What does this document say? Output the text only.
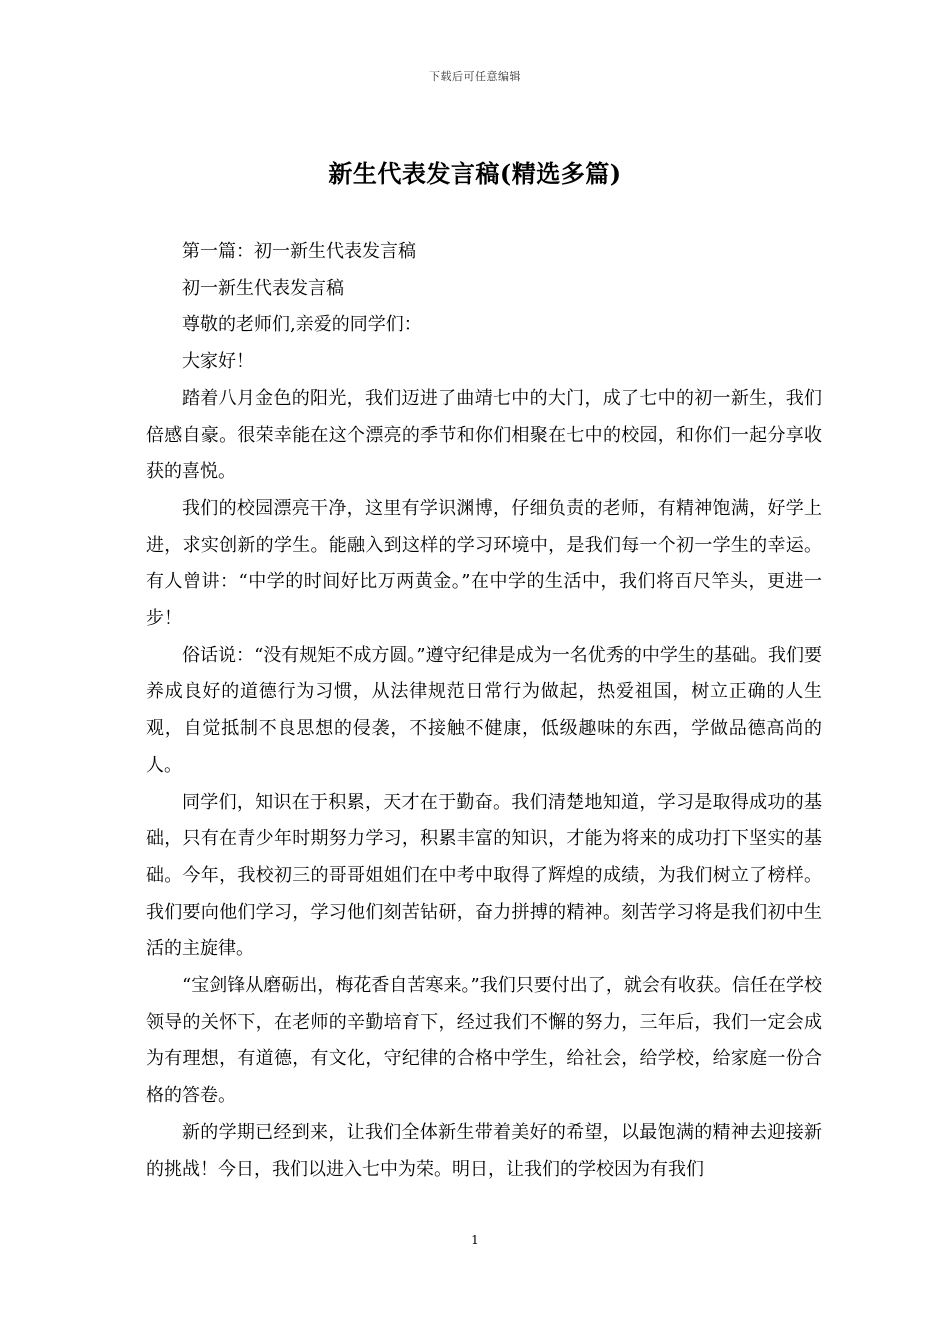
下载后可任意编辑
新生代表发言稿(精选多篇)

第一篇：初一新生代表发言稿

初一新生代表发言稿

尊敬的老师们,亲爱的同学们：

大家好！

踏着八月金色的阳光，我们迈进了曲靖七中的大门，成了七中的初一新生，我们倍感自豪。很荣幸能在这个漂亮的季节和你们相聚在七中的校园，和你们一起分享收获的喜悦。

我们的校园漂亮干净，这里有学识渊博，仔细负责的老师，有精神饱满，好学上进，求实创新的学生。能融入到这样的学习环境中，是我们每一个初一学生的幸运。有人曾讲：“中学的时间好比万两黄金。”在中学的生活中，我们将百尺竿头，更进一步！

俗话说：“没有规矩不成方圆。”遵守纪律是成为一名优秀的中学生的基础。我们要养成良好的道德行为习惯，从法律规范日常行为做起，热爱祖国，树立正确的人生观，自觉抵制不良思想的侵袭，不接触不健康，低级趣味的东西，学做品德高尚的人。

同学们，知识在于积累，天才在于勤奋。我们清楚地知道，学习是取得成功的基础，只有在青少年时期努力学习，积累丰富的知识，才能为将来的成功打下坚实的基础。今年，我校初三的哥哥姐姐们在中考中取得了辉煌的成绩，为我们树立了榜样。我们要向他们学习，学习他们刻苦钻研，奋力拼搏的精神。刻苦学习将是我们初中生活的主旋律。

“宝剑锋从磨砺出，梅花香自苦寒来。”我们只要付出了，就会有收获。信任在学校领导的关怀下，在老师的辛勤培育下，经过我们不懈的努力，三年后，我们一定会成为有理想，有道德，有文化，守纪律的合格中学生，给社会，给学校，给家庭一份合格的答卷。

新的学期已经到来，让我们全体新生带着美好的希望，以最饱满的精神去迎接新的挑战！今日，我们以进入七中为荣。明日，让我们的学校因为有我们

1
